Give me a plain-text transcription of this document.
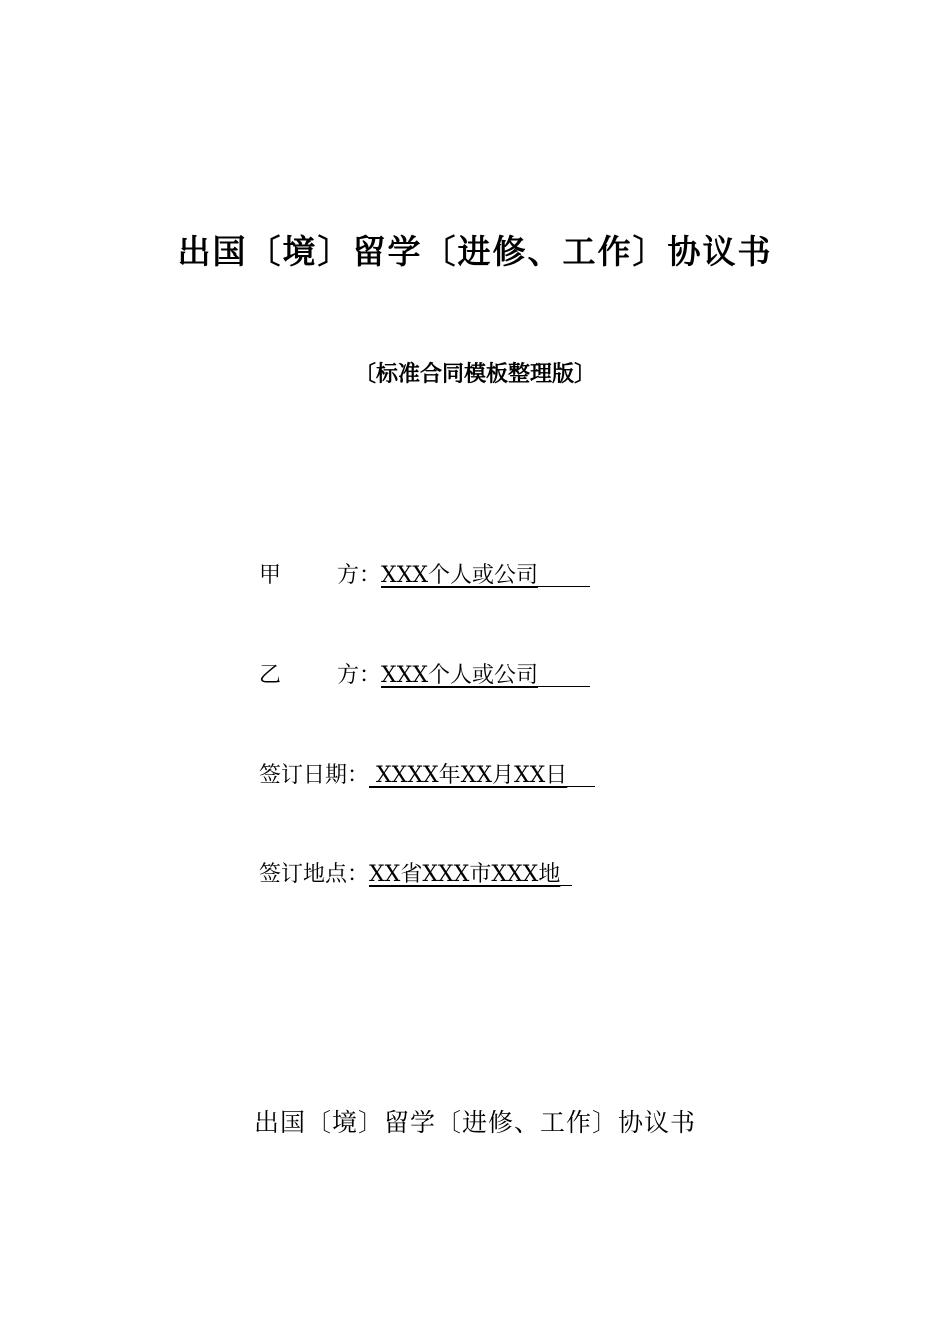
出国〔境〕留学〔进修、工作〕协议书
〔标准合同模板整理版〕
甲	方： XXX个人或公司
乙	方： XXX个人或公司
签订日期： XXXX年XX月XX日
签订地点： XX省XXX市XXX地
出国〔境〕留学〔进修、工作〕协议书
